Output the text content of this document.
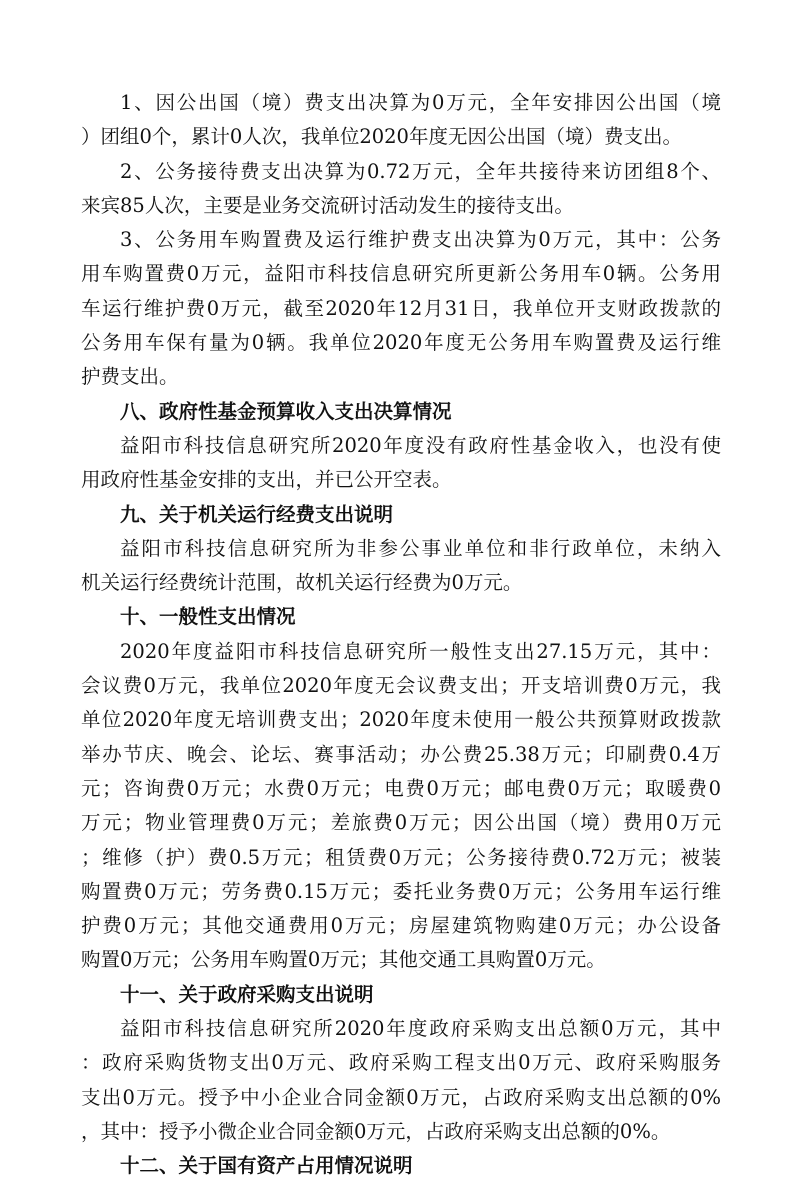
1、因公出国（境）费支出决算为0万元，全年安排因公出国（境
）团组0个，累计0人次，我单位2020年度无因公出国（境）费支出。
2、公务接待费支出决算为0.72万元，全年共接待来访团组8个、
来宾85人次，主要是业务交流研讨活动发生的接待支出。
3、公务用车购置费及运行维护费支出决算为0万元，其中：公务
用车购置费0万元，益阳市科技信息研究所更新公务用车0辆。公务用
车运行维护费0万元，截至2020年12月31日，我单位开支财政拨款的
公务用车保有量为0辆。我单位2020年度无公务用车购置费及运行维
护费支出。
八、政府性基金预算收入支出决算情况
益阳市科技信息研究所2020年度没有政府性基金收入，也没有使
用政府性基金安排的支出，并已公开空表。
九、关于机关运行经费支出说明
益阳市科技信息研究所为非参公事业单位和非行政单位，未纳入
机关运行经费统计范围，故机关运行经费为0万元。
十、一般性支出情况
2020年度益阳市科技信息研究所一般性支出27.15万元，其中：
会议费0万元，我单位2020年度无会议费支出；开支培训费0万元，我
单位2020年度无培训费支出；2020年度未使用一般公共预算财政拨款
举办节庆、晚会、论坛、赛事活动；办公费25.38万元；印刷费0.4万
元；咨询费0万元；水费0万元；电费0万元；邮电费0万元；取暖费0
万元；物业管理费0万元；差旅费0万元；因公出国（境）费用0万元
；维修（护）费0.5万元；租赁费0万元；公务接待费0.72万元；被装
购置费0万元；劳务费0.15万元；委托业务费0万元；公务用车运行维
护费0万元；其他交通费用0万元；房屋建筑物购建0万元；办公设备
购置0万元；公务用车购置0万元；其他交通工具购置0万元。
十一、关于政府采购支出说明
益阳市科技信息研究所2020年度政府采购支出总额0万元，其中
：政府采购货物支出0万元、政府采购工程支出0万元、政府采购服务
支出0万元。授予中小企业合同金额0万元，占政府采购支出总额的0%
，其中：授予小微企业合同金额0万元，占政府采购支出总额的0%。
十二、关于国有资产占用情况说明
